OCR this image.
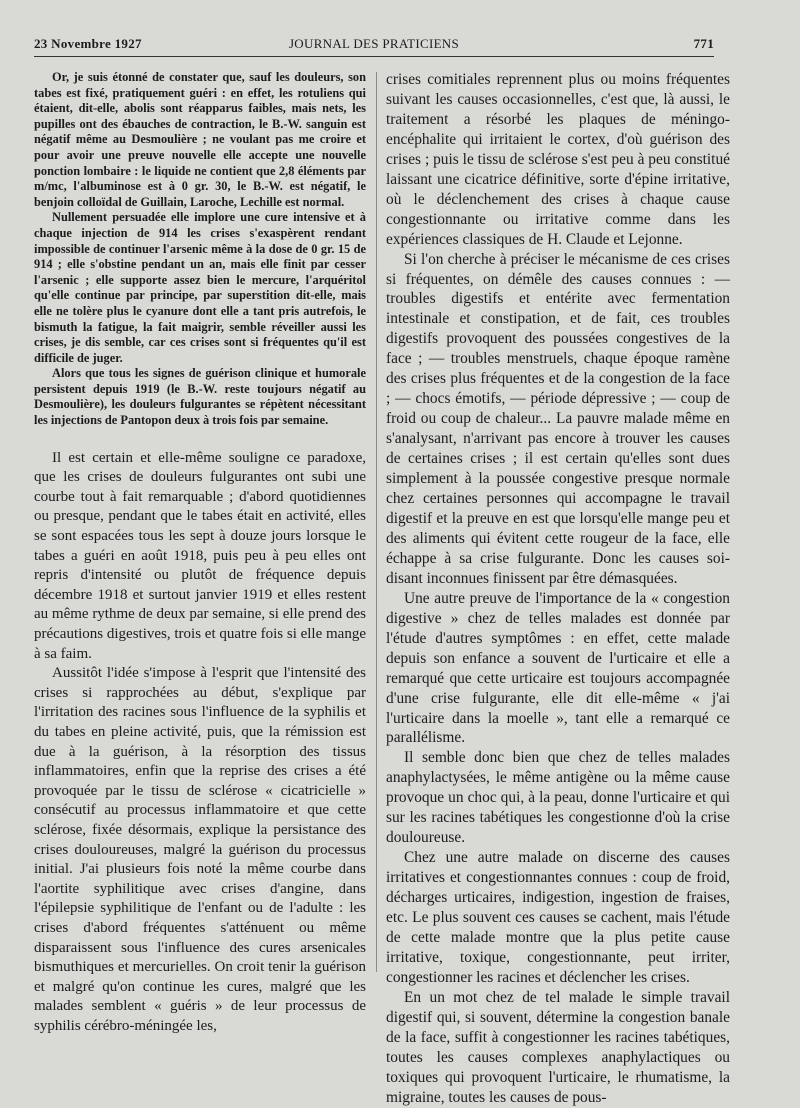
23 Novembre 1927	JOURNAL DES PRATICIENS	771

Or, je suis étonné de constater que, sauf les douleurs, son tabes est fixé, pratiquement guéri : en effet, les rotuliens qui étaient, dit-elle, abolis sont réapparus faibles, mais nets, les pupilles ont des ébauches de contraction, le B.-W. sanguin est négatif même au Desmoulière ; ne voulant pas me croire et pour avoir une preuve nouvelle elle accepte une nouvelle ponction lombaire : le liquide ne contient que 2,8 éléments par m/mc, l'albuminose est à 0 gr. 30, le B.-W. est négatif, le benjoin colloïdal de Guillain, Laroche, Lechille est normal.

Nullement persuadée elle implore une cure intensive et à chaque injection de 914 les crises s'exaspèrent rendant impossible de continuer l'arsenic même à la dose de 0 gr. 15 de 914 ; elle s'obstine pendant un an, mais elle finit par cesser l'arsenic ; elle supporte assez bien le mercure, l'arquéritol qu'elle continue par principe, par superstition dit-elle, mais elle ne tolère plus le cyanure dont elle a tant pris autrefois, le bismuth la fatigue, la fait maigrir, semble réveiller aussi les crises, je dis semble, car ces crises sont si fréquentes qu'il est difficile de juger.

Alors que tous les signes de guérison clinique et humorale persistent depuis 1919 (le B.-W. reste toujours négatif au Desmoulière), les douleurs fulgurantes se répètent nécessitant les injections de Pantopon deux à trois fois par semaine.

Il est certain et elle-même souligne ce paradoxe, que les crises de douleurs fulgurantes ont subi une courbe tout à fait remarquable ; d'abord quotidiennes ou presque, pendant que le tabes était en activité, elles se sont espacées tous les sept à douze jours lorsque le tabes a guéri en août 1918, puis peu à peu elles ont repris d'intensité ou plutôt de fréquence depuis décembre 1918 et surtout janvier 1919 et elles restent au même rythme de deux par semaine, si elle prend des précautions digestives, trois et quatre fois si elle mange à sa faim.

Aussitôt l'idée s'impose à l'esprit que l'intensité des crises si rapprochées au début, s'explique par l'irritation des racines sous l'influence de la syphilis et du tabes en pleine activité, puis, que la rémission est due à la guérison, à la résorption des tissus inflammatoires, enfin que la reprise des crises a été provoquée par le tissu de sclérose « cicatricielle » consécutif au processus inflammatoire et que cette sclérose, fixée désormais, explique la persistance des crises douloureuses, malgré la guérison du processus initial. J'ai plusieurs fois noté la même courbe dans l'aortite syphilitique avec crises d'angine, dans l'épilepsie syphilitique de l'enfant ou de l'adulte : les crises d'abord fréquentes s'atténuent ou même disparaissent sous l'influence des cures arsenicales bismuthiques et mercurielles. On croit tenir la guérison et malgré qu'on continue les cures, malgré que les malades semblent « guéris » de leur processus de syphilis cérébro-méningée les,

crises comitiales reprennent plus ou moins fréquentes suivant les causes occasionnelles, c'est que, là aussi, le traitement a résorbé les plaques de méningo-encéphalite qui irritaient le cortex, d'où guérison des crises ; puis le tissu de sclérose s'est peu à peu constitué laissant une cicatrice définitive, sorte d'épine irritative, où le déclenchement des crises à chaque cause congestionnante ou irritative comme dans les expériences classiques de H. Claude et Lejonne.

Si l'on cherche à préciser le mécanisme de ces crises si fréquentes, on démêle des causes connues : — troubles digestifs et entérite avec fermentation intestinale et constipation, et de fait, ces troubles digestifs provoquent des poussées congestives de la face ; — troubles menstruels, chaque époque ramène des crises plus fréquentes et de la congestion de la face ; — chocs émotifs, — période dépressive ; — coup de froid ou coup de chaleur... La pauvre malade même en s'analysant, n'arrivant pas encore à trouver les causes de certaines crises ; il est certain qu'elles sont dues simplement à la poussée congestive presque normale chez certaines personnes qui accompagne le travail digestif et la preuve en est que lorsqu'elle mange peu et des aliments qui évitent cette rougeur de la face, elle échappe à sa crise fulgurante. Donc les causes soi-disant inconnues finissent par être démasquées.

Une autre preuve de l'importance de la « congestion digestive » chez de telles malades est donnée par l'étude d'autres symptômes : en effet, cette malade depuis son enfance a souvent de l'urticaire et elle a remarqué que cette urticaire est toujours accompagnée d'une crise fulgurante, elle dit elle-même « j'ai l'urticaire dans la moelle », tant elle a remarqué ce parallélisme.

Il semble donc bien que chez de telles malades anaphylactysées, le même antigène ou la même cause provoque un choc qui, à la peau, donne l'urticaire et qui sur les racines tabétiques les congestionne d'où la crise douloureuse.

Chez une autre malade on discerne des causes irritatives et congestionnantes connues : coup de froid, décharges urticaires, indigestion, ingestion de fraises, etc. Le plus souvent ces causes se cachent, mais l'étude de cette malade montre que la plus petite cause irritative, toxique, congestionnante, peut irriter, congestionner les racines et déclencher les crises.

En un mot chez de tel malade le simple travail digestif qui, si souvent, détermine la congestion banale de la face, suffit à congestionner les racines tabétiques, toutes les causes complexes anaphylactiques ou toxiques qui provoquent l'urticaire, le rhumatisme, la migraine, toutes les causes de pous-
